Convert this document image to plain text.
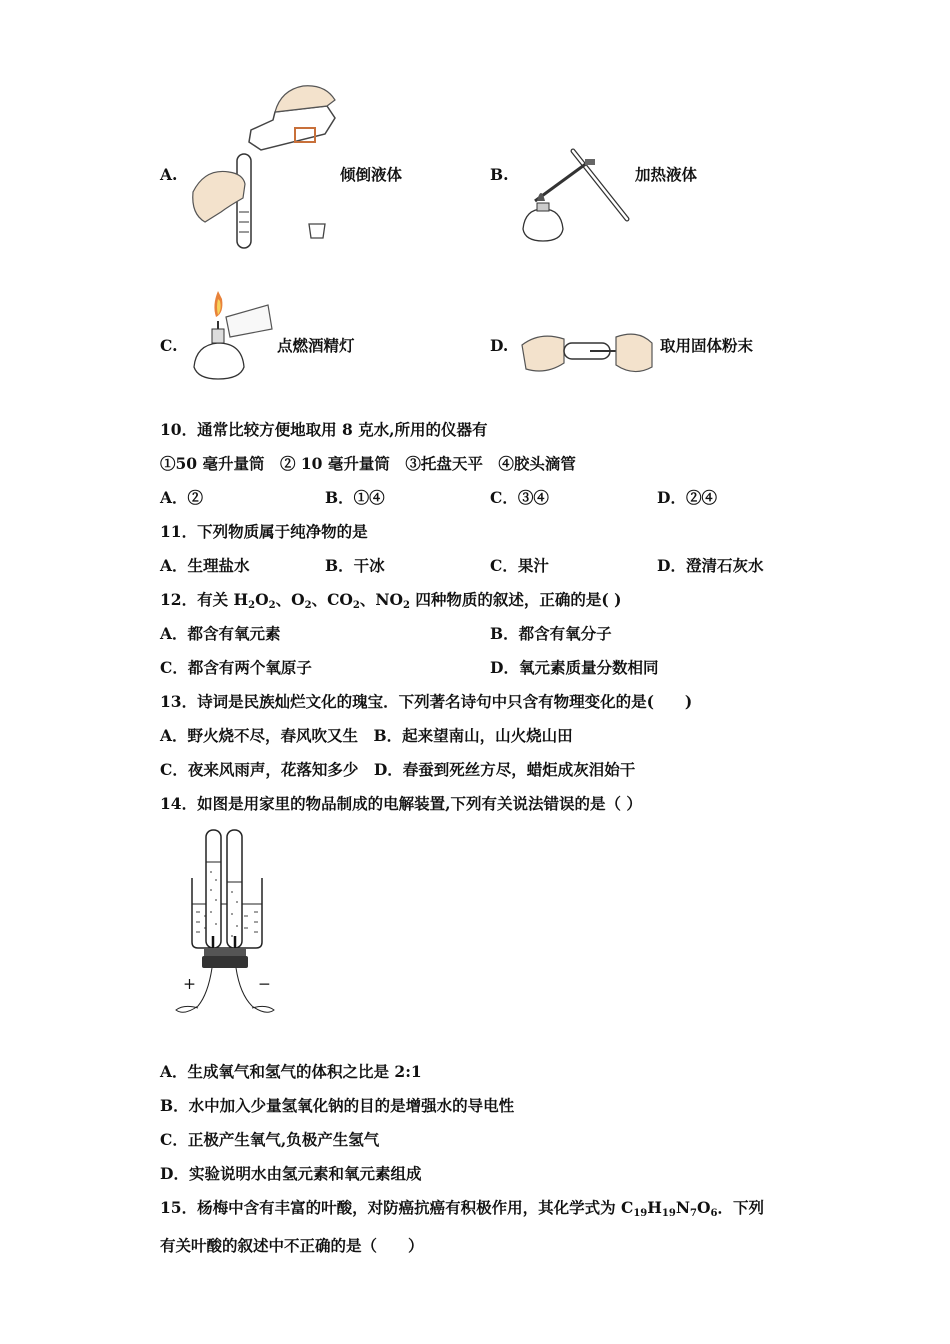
A.	倾倒液体	B.	加热液体
C.	点燃酒精灯	D.	取用固体粉末
10．通常比较方便地取用 8 克水,所用的仪器有
①50 毫升量筒　② 10 毫升量筒　③托盘天平　④胶头滴管
A．②	B．①④	C．③④	D．②④
11．下列物质属于纯净物的是
A．生理盐水	B．干冰	C．果汁	D．澄清石灰水
12．有关 $H_2O_2$、$O_2$、$CO_2$、$NO_2$ 四种物质的叙述，正确的是( )
A．都含有氧元素	B．都含有氧分子
C．都含有两个氧原子	D．氧元素质量分数相同
13．诗词是民族灿烂文化的瑰宝．下列著名诗句中只含有物理变化的是(　　)
A．野火烧不尽，春风吹又生　B．起来望南山，山火烧山田
C．夜来风雨声，花落知多少　D．春蚕到死丝方尽，蜡炬成灰泪始干
14．如图是用家里的物品制成的电解装置,下列有关说法错误的是（ ）
+	−
A．生成氧气和氢气的体积之比是 2:1
B．水中加入少量氢氧化钠的目的是增强水的导电性
C．正极产生氧气,负极产生氢气
D．实验说明水由氢元素和氧元素组成
15．杨梅中含有丰富的叶酸，对防癌抗癌有积极作用，其化学式为 $C_{19}H_{19}N_7O_6$．下列
有关叶酸的叙述中不正确的是（　　）
